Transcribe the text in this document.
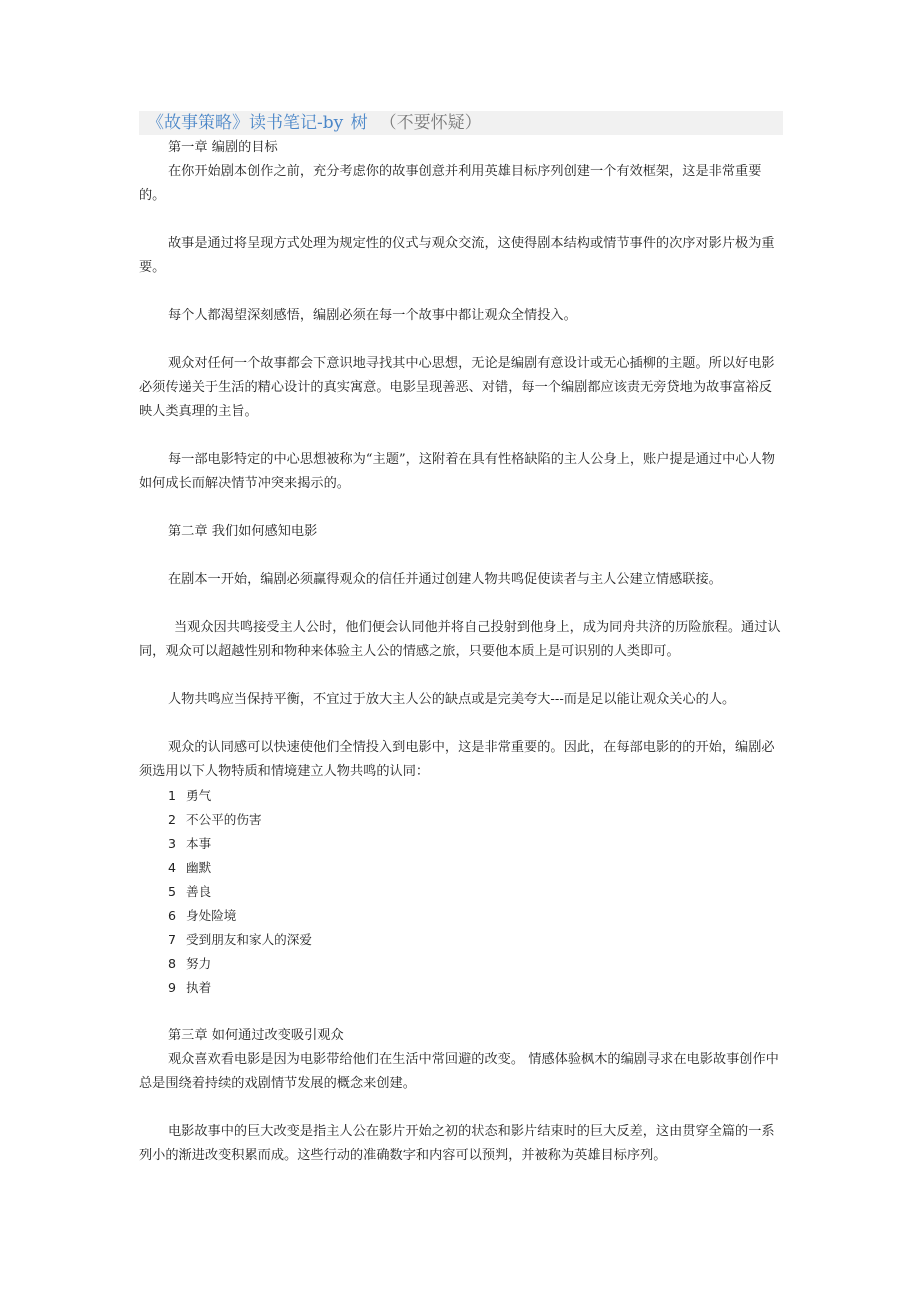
《故事策略》读书笔记-by 树 （不要怀疑）

第一章 编剧的目标

在你开始剧本创作之前，充分考虑你的故事创意并利用英雄目标序列创建一个有效框架，这是非常重要的。

故事是通过将呈现方式处理为规定性的仪式与观众交流，这使得剧本结构或情节事件的次序对影片极为重要。

每个人都渴望深刻感悟，编剧必须在每一个故事中都让观众全情投入。

观众对任何一个故事都会下意识地寻找其中心思想，无论是编剧有意设计或无心插柳的主题。所以好电影必须传递关于生活的精心设计的真实寓意。电影呈现善恶、对错，每一个编剧都应该责无旁贷地为故事富裕反映人类真理的主旨。

每一部电影特定的中心思想被称为“主题”，这附着在具有性格缺陷的主人公身上，账户提是通过中心人物如何成长而解决情节冲突来揭示的。

第二章 我们如何感知电影

在剧本一开始，编剧必须赢得观众的信任并通过创建人物共鸣促使读者与主人公建立情感联接。

当观众因共鸣接受主人公时，他们便会认同他并将自己投射到他身上，成为同舟共济的历险旅程。通过认同，观众可以超越性别和物种来体验主人公的情感之旅，只要他本质上是可识别的人类即可。

人物共鸣应当保持平衡，不宜过于放大主人公的缺点或是完美夸大---而是足以能让观众关心的人。

观众的认同感可以快速使他们全情投入到电影中，这是非常重要的。因此，在每部电影的的开始，编剧必须选用以下人物特质和情境建立人物共鸣的认同：

1 勇气
2 不公平的伤害
3 本事
4 幽默
5 善良
6 身处险境
7 受到朋友和家人的深爱
8 努力
9 执着

第三章 如何通过改变吸引观众

观众喜欢看电影是因为电影带给他们在生活中常回避的改变。 情感体验枫木的编剧寻求在电影故事创作中总是围绕着持续的戏剧情节发展的概念来创建。

电影故事中的巨大改变是指主人公在影片开始之初的状态和影片结束时的巨大反差，这由贯穿全篇的一系列小的渐进改变积累而成。这些行动的准确数字和内容可以预判，并被称为英雄目标序列。
